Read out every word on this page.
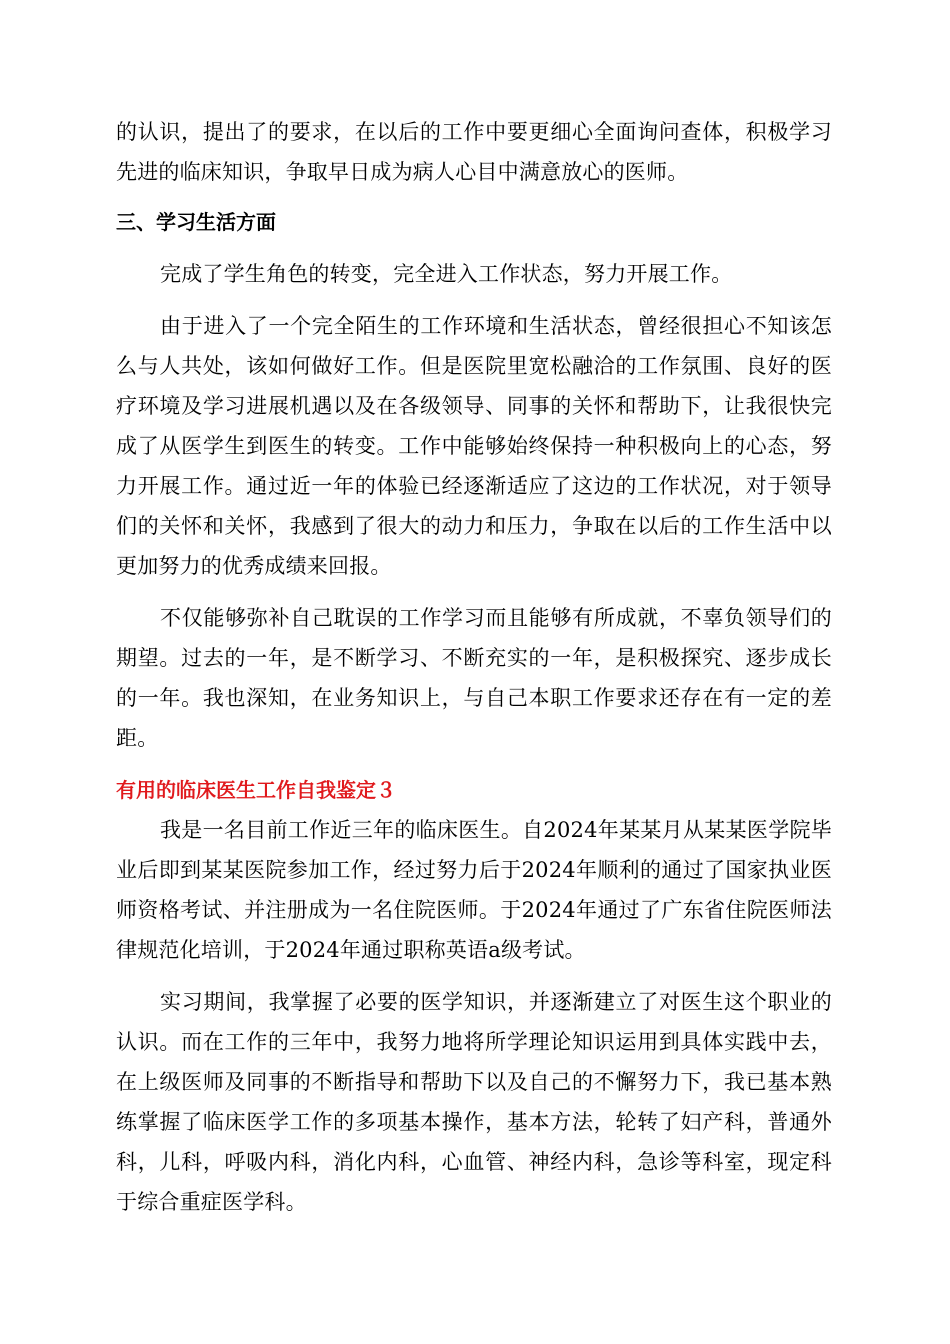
的认识，提出了的要求，在以后的工作中要更细心全面询问查体，积极学习先进的临床知识，争取早日成为病人心目中满意放心的医师。

三、学习生活方面

完成了学生角色的转变，完全进入工作状态，努力开展工作。

由于进入了一个完全陌生的工作环境和生活状态，曾经很担心不知该怎么与人共处，该如何做好工作。但是医院里宽松融洽的工作氛围、良好的医疗环境及学习进展机遇以及在各级领导、同事的关怀和帮助下，让我很快完成了从医学生到医生的转变。工作中能够始终保持一种积极向上的心态，努力开展工作。通过近一年的体验已经逐渐适应了这边的工作状况，对于领导们的关怀和关怀，我感到了很大的动力和压力，争取在以后的工作生活中以更加努力的优秀成绩来回报。

不仅能够弥补自己耽误的工作学习而且能够有所成就，不辜负领导们的期望。过去的一年，是不断学习、不断充实的一年，是积极探究、逐步成长的一年。我也深知，在业务知识上，与自己本职工作要求还存在有一定的差距。

有用的临床医生工作自我鉴定３

我是一名目前工作近三年的临床医生。自2024年某某月从某某医学院毕业后即到某某医院参加工作，经过努力后于2024年顺利的通过了国家执业医师资格考试、并注册成为一名住院医师。于2024年通过了广东省住院医师法律规范化培训，于2024年通过职称英语a级考试。

实习期间，我掌握了必要的医学知识，并逐渐建立了对医生这个职业的认识。而在工作的三年中，我努力地将所学理论知识运用到具体实践中去，在上级医师及同事的不断指导和帮助下以及自己的不懈努力下，我已基本熟练掌握了临床医学工作的多项基本操作，基本方法，轮转了妇产科，普通外科，儿科，呼吸内科，消化内科，心血管、神经内科，急诊等科室，现定科于综合重症医学科。
